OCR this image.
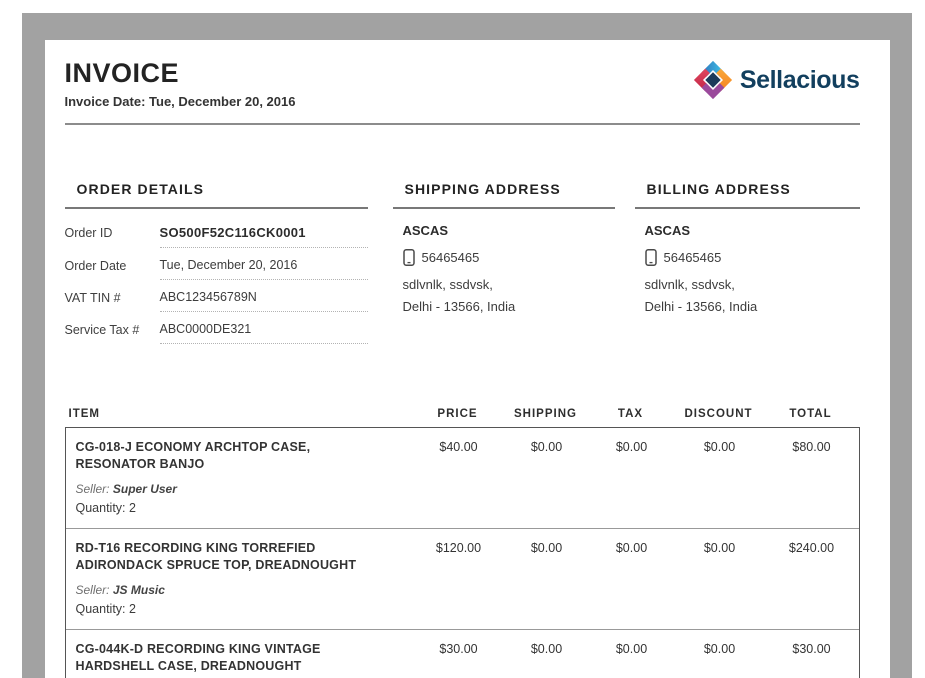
INVOICE
Invoice Date: Tue, December 20, 2016
Sellacious
ORDER DETAILS
Order ID	SO500F52C116CK0001
Order Date	Tue, December 20, 2016
VAT TIN #	ABC123456789N
Service Tax #	ABC0000DE321
SHIPPING ADDRESS
ASCAS
56465465
sdlvnlk, ssdvsk,
Delhi - 13566, India
BILLING ADDRESS
ASCAS
56465465
sdlvnlk, ssdvsk,
Delhi - 13566, India
ITEM	PRICE	SHIPPING	TAX	DISCOUNT	TOTAL
CG-018-J ECONOMY ARCHTOP CASE, RESONATOR BANJO
Seller: Super User
Quantity: 2
$40.00	$0.00	$0.00	$0.00	$80.00
RD-T16 RECORDING KING TORREFIED ADIRONDACK SPRUCE TOP, DREADNOUGHT
Seller: JS Music
Quantity: 2
$120.00	$0.00	$0.00	$0.00	$240.00
CG-044K-D RECORDING KING VINTAGE HARDSHELL CASE, DREADNOUGHT
$30.00	$0.00	$0.00	$0.00	$30.00
